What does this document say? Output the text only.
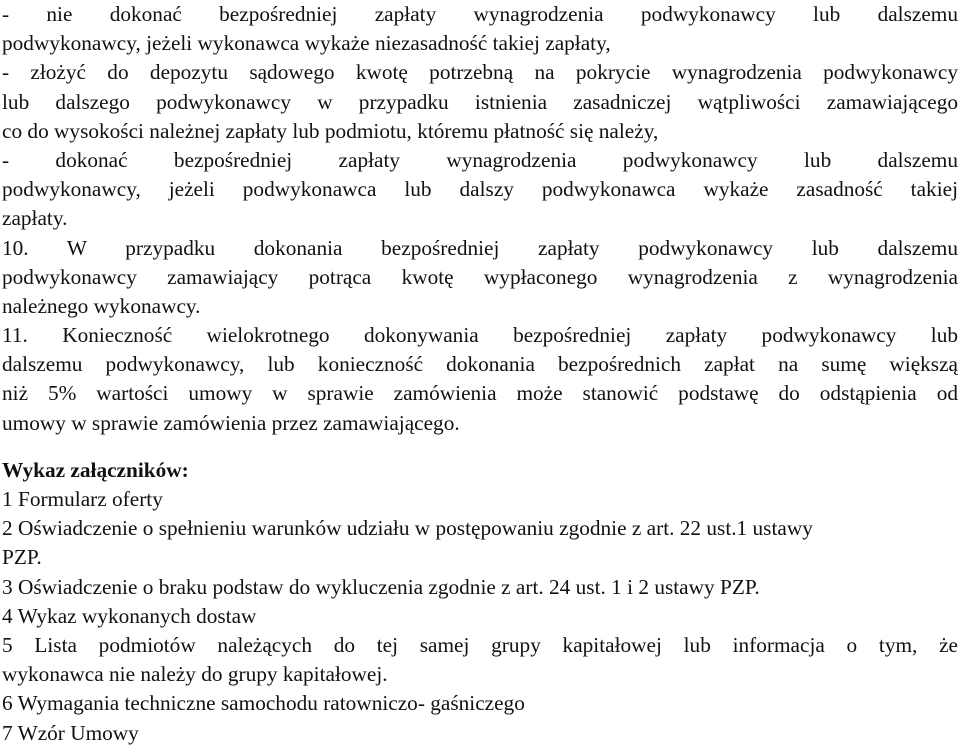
- nie dokonać bezpośredniej zapłaty wynagrodzenia podwykonawcy lub dalszemu
podwykonawcy, jeżeli wykonawca wykaże niezasadność takiej zapłaty,
- złożyć do depozytu sądowego kwotę potrzebną na pokrycie wynagrodzenia podwykonawcy
lub dalszego podwykonawcy w przypadku istnienia zasadniczej wątpliwości zamawiającego
co do wysokości należnej zapłaty lub podmiotu, któremu płatność się należy,
- dokonać bezpośredniej zapłaty wynagrodzenia podwykonawcy lub dalszemu
podwykonawcy, jeżeli podwykonawca lub dalszy podwykonawca wykaże zasadność takiej
zapłaty.
10. W przypadku dokonania bezpośredniej zapłaty podwykonawcy lub dalszemu
podwykonawcy zamawiający potrąca kwotę wypłaconego wynagrodzenia z wynagrodzenia
należnego wykonawcy.
11. Konieczność wielokrotnego dokonywania bezpośredniej zapłaty podwykonawcy lub
dalszemu podwykonawcy, lub konieczność dokonania bezpośrednich zapłat na sumę większą
niż 5% wartości umowy w sprawie zamówienia może stanowić podstawę do odstąpienia od
umowy w sprawie zamówienia przez zamawiającego.
Wykaz załączników:
1 Formularz oferty
2 Oświadczenie o spełnieniu warunków udziału w postępowaniu zgodnie z art. 22 ust.1 ustawy
PZP.
3 Oświadczenie o braku podstaw do wykluczenia zgodnie z art. 24 ust. 1 i 2 ustawy PZP.
4 Wykaz wykonanych dostaw
5 Lista podmiotów należących do tej samej grupy kapitałowej lub informacja o tym, że
wykonawca nie należy do grupy kapitałowej.
6 Wymagania techniczne samochodu ratowniczo- gaśniczego
7 Wzór Umowy
